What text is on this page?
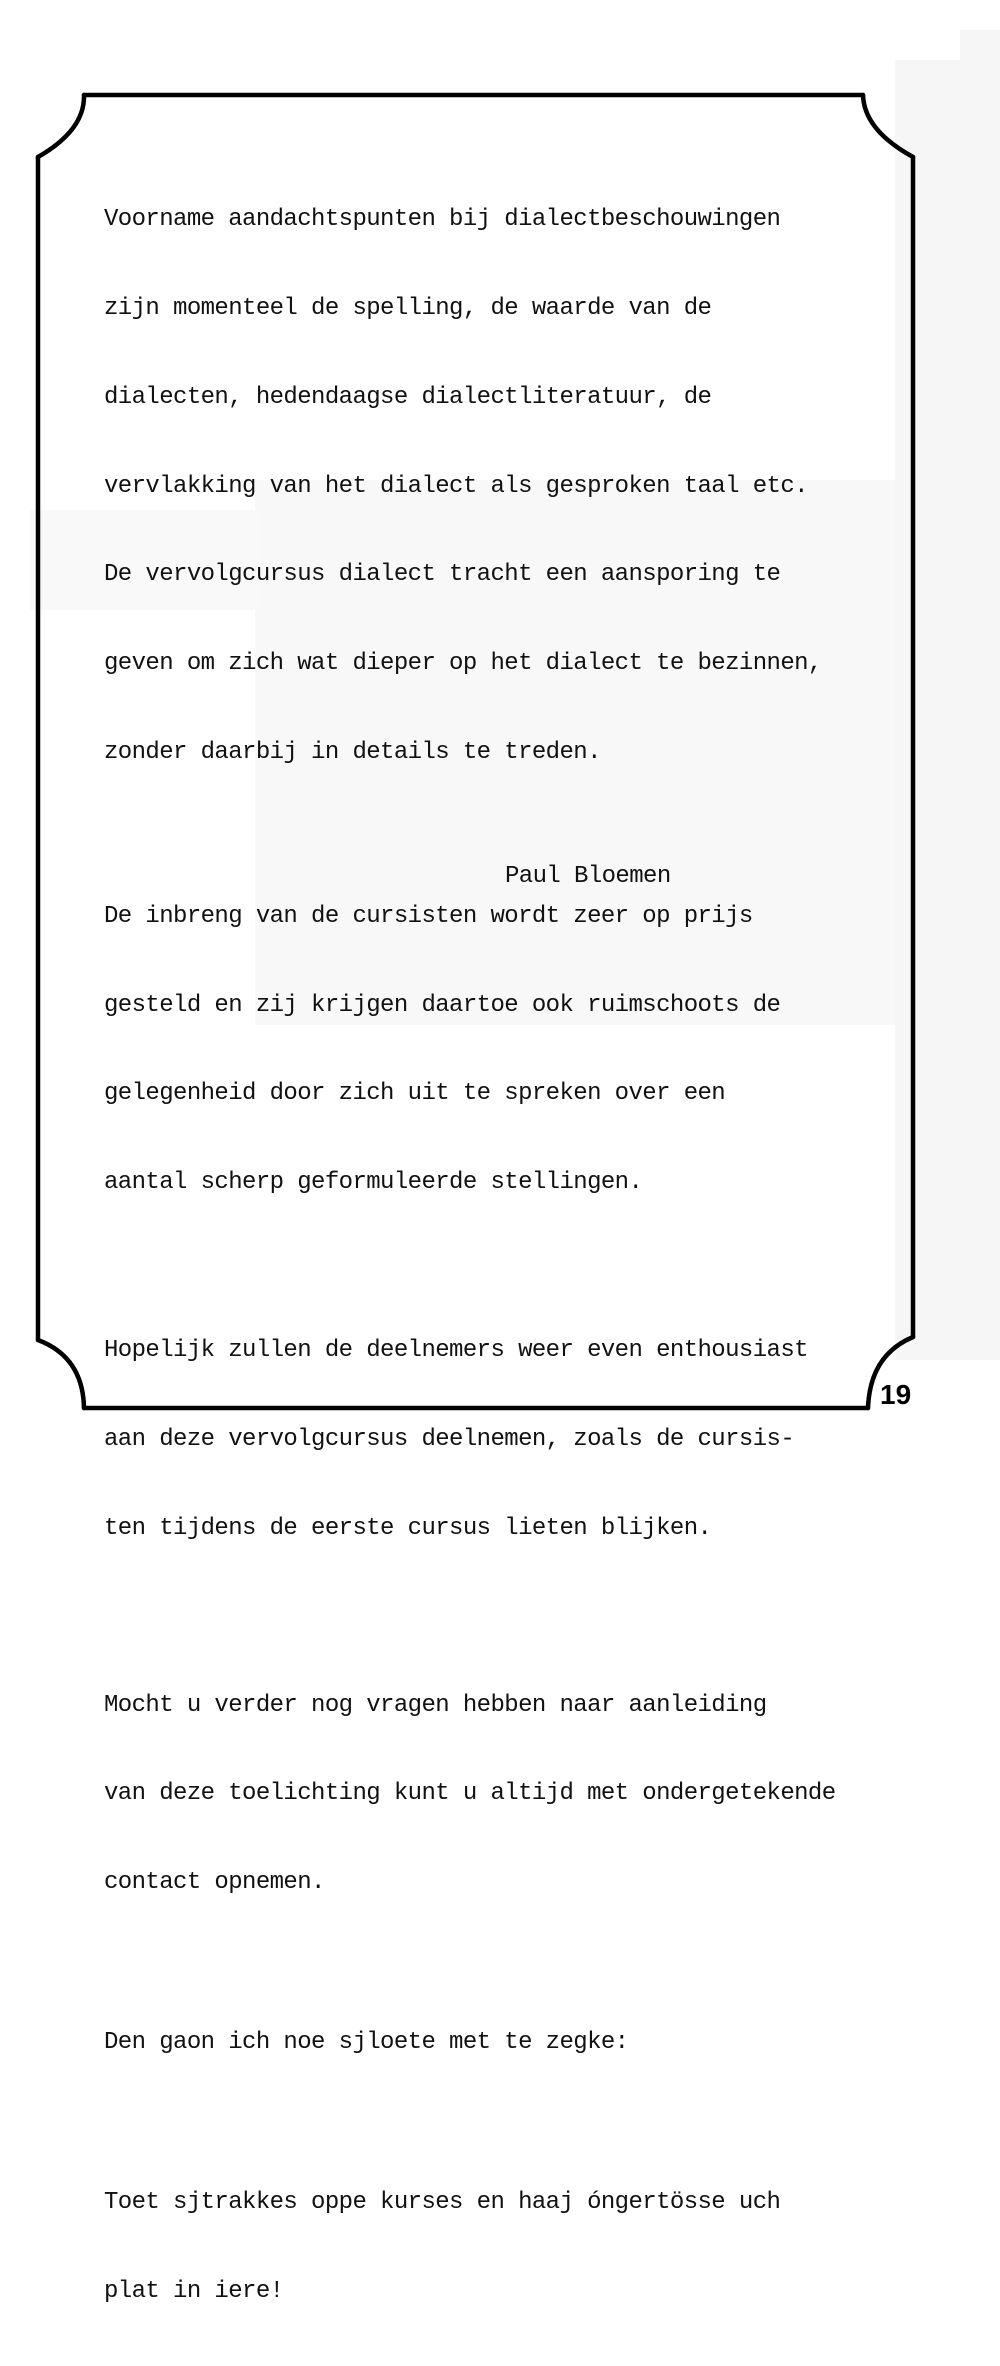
Voorname aandachtspunten bij dialectbeschouwingen

zijn momenteel de spelling, de waarde van de

dialecten, hedendaagse dialectliteratuur, de

vervlakking van het dialect als gesproken taal etc.

De vervolgcursus dialect tracht een aansporing te

geven om zich wat dieper op het dialect te bezinnen,

zonder daarbij in details te treden.

De inbreng van de cursisten wordt zeer op prijs

gesteld en zij krijgen daartoe ook ruimschoots de

gelegenheid door zich uit te spreken over een

aantal scherp geformuleerde stellingen.

Hopelijk zullen de deelnemers weer even enthousiast

aan deze vervolgcursus deelnemen, zoals de cursis-

ten tijdens de eerste cursus lieten blijken.

Mocht u verder nog vragen hebben naar aanleiding

van deze toelichting kunt u altijd met ondergetekende

contact opnemen.

Den gaon ich noe sjloete met te zegke:

Toet sjtrakkes oppe kurses en haaj óngertösse uch

plat in iere!

Paul Bloemen
19
